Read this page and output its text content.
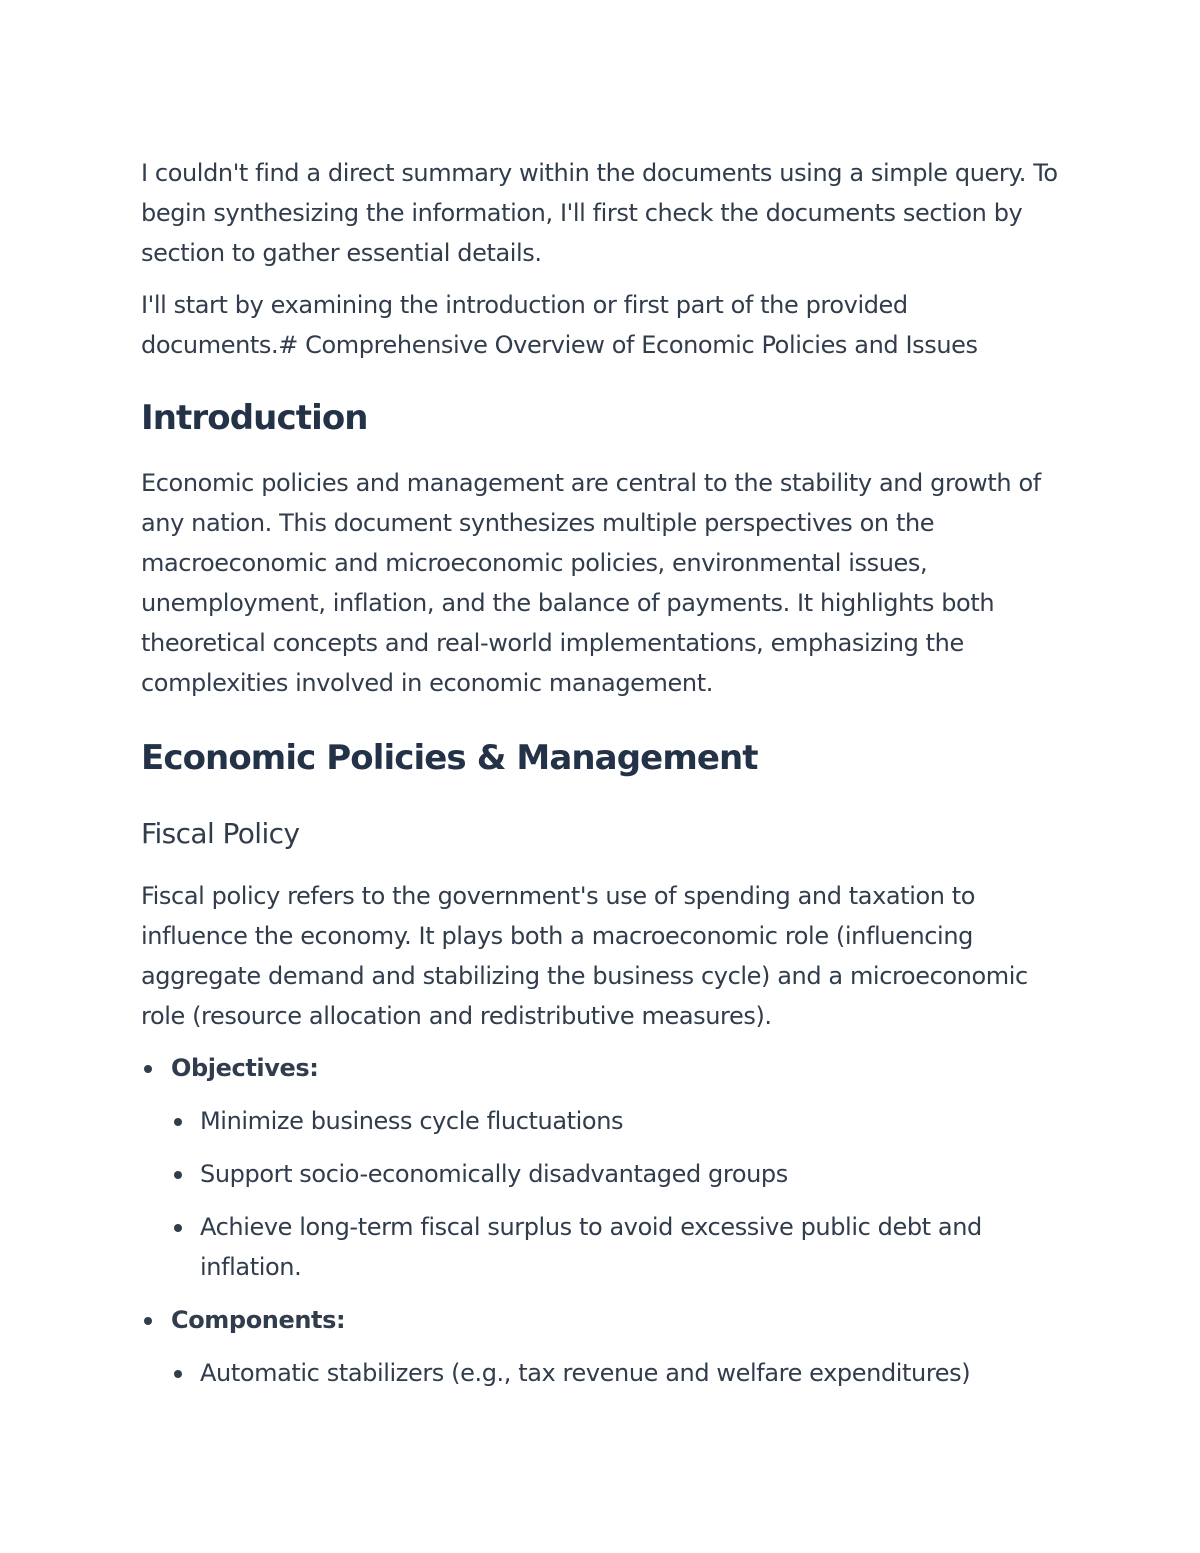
I couldn't find a direct summary within the documents using a simple query. To begin synthesizing the information, I'll first check the documents section by section to gather essential details.

I'll start by examining the introduction or first part of the provided documents.# Comprehensive Overview of Economic Policies and Issues

Introduction

Economic policies and management are central to the stability and growth of any nation. This document synthesizes multiple perspectives on the macroeconomic and microeconomic policies, environmental issues, unemployment, inflation, and the balance of payments. It highlights both theoretical concepts and real-world implementations, emphasizing the complexities involved in economic management.

Economic Policies & Management
Fiscal Policy

Fiscal policy refers to the government's use of spending and taxation to influence the economy. It plays both a macroeconomic role (influencing aggregate demand and stabilizing the business cycle) and a microeconomic role (resource allocation and redistributive measures).

Objectives:
Minimize business cycle fluctuations
Support socio-economically disadvantaged groups
Achieve long-term fiscal surplus to avoid excessive public debt and inflation.
Components:
Automatic stabilizers (e.g., tax revenue and welfare expenditures)
